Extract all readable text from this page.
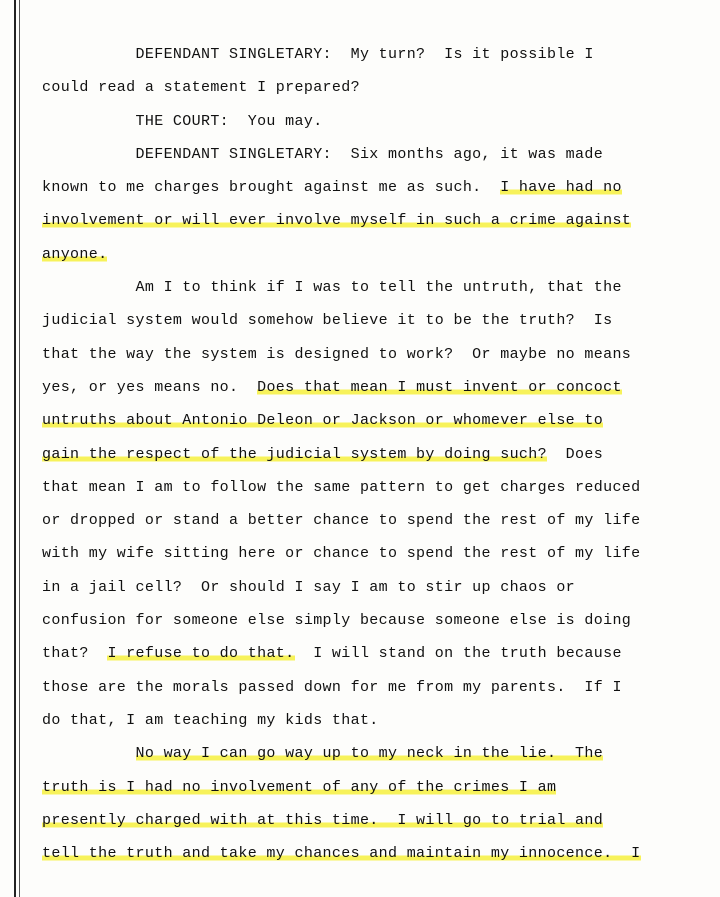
DEFENDANT SINGLETARY:  My turn?  Is it possible I
could read a statement I prepared?
THE COURT:  You may.
DEFENDANT SINGLETARY:  Six months ago, it was made
known to me charges brought against me as such.  I have had no
involvement or will ever involve myself in such a crime against
anyone.
Am I to think if I was to tell the untruth, that the
judicial system would somehow believe it to be the truth?  Is
that the way the system is designed to work?  Or maybe no means
yes, or yes means no.  Does that mean I must invent or concoct
untruths about Antonio Deleon or Jackson or whomever else to
gain the respect of the judicial system by doing such?  Does
that mean I am to follow the same pattern to get charges reduced
or dropped or stand a better chance to spend the rest of my life
with my wife sitting here or chance to spend the rest of my life
in a jail cell?  Or should I say I am to stir up chaos or
confusion for someone else simply because someone else is doing
that?  I refuse to do that.  I will stand on the truth because
those are the morals passed down for me from my parents.  If I
do that, I am teaching my kids that.
No way I can go way up to my neck in the lie.  The
truth is I had no involvement of any of the crimes I am
presently charged with at this time.  I will go to trial and
tell the truth and take my chances and maintain my innocence.  I
